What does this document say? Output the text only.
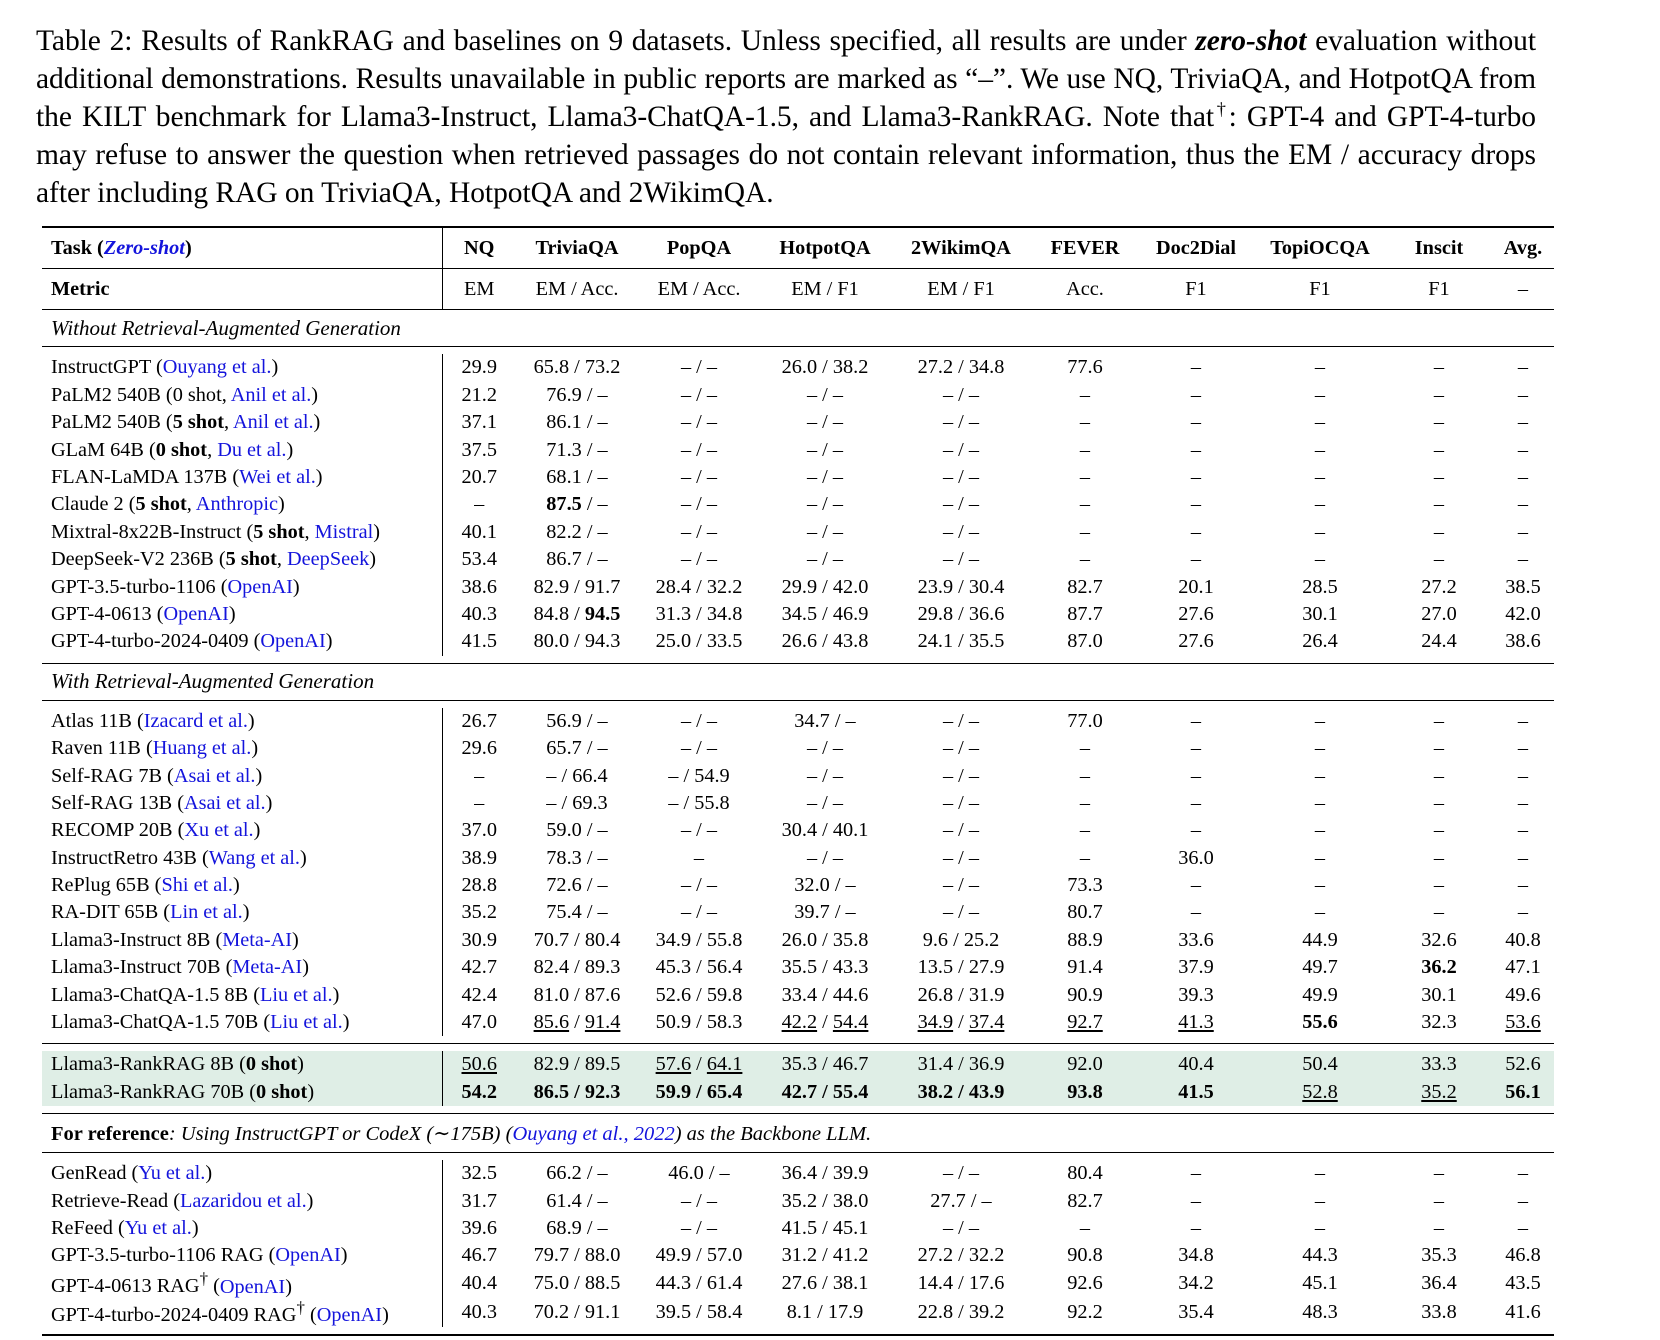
Table 2: Results of RankRAG and baselines on 9 datasets. Unless specified, all results are under zero-shot evaluation without additional demonstrations. Results unavailable in public reports are marked as “–”. We use NQ, TriviaQA, and HotpotQA from the KILT benchmark for Llama3-Instruct, Llama3-ChatQA-1.5, and Llama3-RankRAG. Note that†: GPT-4 and GPT-4-turbo may refuse to answer the question when retrieved passages do not contain relevant information, thus the EM / accuracy drops after including RAG on TriviaQA, HotpotQA and 2WikimQA.

Task (Zero-shot)	NQ	TriviaQA	PopQA	HotpotQA	2WikimQA	FEVER	Doc2Dial	TopiOCQA	Inscit	Avg.

Metric	EM	EM / Acc.	EM / Acc.	EM / F1	EM / F1	Acc.	F1	F1	F1	–

Without Retrieval-Augmented Generation										

InstructGPT (Ouyang et al.)	29.9	65.8 / 73.2	– / –	26.0 / 38.2	27.2 / 34.8	77.6	–	–	–	–
PaLM2 540B (0 shot, Anil et al.)	21.2	76.9 / –	– / –	– / –	– / –	–	–	–	–	–
PaLM2 540B (5 shot, Anil et al.)	37.1	86.1 / –	– / –	– / –	– / –	–	–	–	–	–
GLaM 64B (0 shot, Du et al.)	37.5	71.3 / –	– / –	– / –	– / –	–	–	–	–	–
FLAN-LaMDA 137B (Wei et al.)	20.7	68.1 / –	– / –	– / –	– / –	–	–	–	–	–
Claude 2 (5 shot, Anthropic)	–	87.5 / –	– / –	– / –	– / –	–	–	–	–	–
Mixtral-8x22B-Instruct (5 shot, Mistral)	40.1	82.2 / –	– / –	– / –	– / –	–	–	–	–	–
DeepSeek-V2 236B (5 shot, DeepSeek)	53.4	86.7 / –	– / –	– / –	– / –	–	–	–	–	–
GPT-3.5-turbo-1106 (OpenAI)	38.6	82.9 / 91.7	28.4 / 32.2	29.9 / 42.0	23.9 / 30.4	82.7	20.1	28.5	27.2	38.5
GPT-4-0613 (OpenAI)	40.3	84.8 / 94.5	31.3 / 34.8	34.5 / 46.9	29.8 / 36.6	87.7	27.6	30.1	27.0	42.0
GPT-4-turbo-2024-0409 (OpenAI)	41.5	80.0 / 94.3	25.0 / 33.5	26.6 / 43.8	24.1 / 35.5	87.0	27.6	26.4	24.4	38.6

With Retrieval-Augmented Generation										

Atlas 11B (Izacard et al.)	26.7	56.9 / –	– / –	34.7 / –	– / –	77.0	–	–	–	–
Raven 11B (Huang et al.)	29.6	65.7 / –	– / –	– / –	– / –	–	–	–	–	–
Self-RAG 7B (Asai et al.)	–	– / 66.4	– / 54.9	– / –	– / –	–	–	–	–	–
Self-RAG 13B (Asai et al.)	–	– / 69.3	– / 55.8	– / –	– / –	–	–	–	–	–
RECOMP 20B (Xu et al.)	37.0	59.0 / –	– / –	30.4 / 40.1	– / –	–	–	–	–	–
InstructRetro 43B (Wang et al.)	38.9	78.3 / –	–	– / –	– / –	–	36.0	–	–	–
RePlug 65B (Shi et al.)	28.8	72.6 / –	– / –	32.0 / –	– / –	73.3	–	–	–	–
RA-DIT 65B (Lin et al.)	35.2	75.4 / –	– / –	39.7 / –	– / –	80.7	–	–	–	–
Llama3-Instruct 8B (Meta-AI)	30.9	70.7 / 80.4	34.9 / 55.8	26.0 / 35.8	9.6 / 25.2	88.9	33.6	44.9	32.6	40.8
Llama3-Instruct 70B (Meta-AI)	42.7	82.4 / 89.3	45.3 / 56.4	35.5 / 43.3	13.5 / 27.9	91.4	37.9	49.7	36.2	47.1
Llama3-ChatQA-1.5 8B (Liu et al.)	42.4	81.0 / 87.6	52.6 / 59.8	33.4 / 44.6	26.8 / 31.9	90.9	39.3	49.9	30.1	49.6
Llama3-ChatQA-1.5 70B (Liu et al.)	47.0	85.6 / 91.4	50.9 / 58.3	42.2 / 54.4	34.9 / 37.4	92.7	41.3	55.6	32.3	53.6

Llama3-RankRAG 8B (0 shot)	50.6	82.9 / 89.5	57.6 / 64.1	35.3 / 46.7	31.4 / 36.9	92.0	40.4	50.4	33.3	52.6
Llama3-RankRAG 70B (0 shot)	54.2	86.5 / 92.3	59.9 / 65.4	42.7 / 55.4	38.2 / 43.9	93.8	41.5	52.8	35.2	56.1

For reference: Using InstructGPT or CodeX (∼175B) (Ouyang et al., 2022) as the Backbone LLM.										

GenRead (Yu et al.)	32.5	66.2 / –	46.0 / –	36.4 / 39.9	– / –	80.4	–	–	–	–
Retrieve-Read (Lazaridou et al.)	31.7	61.4 / –	– / –	35.2 / 38.0	27.7 / –	82.7	–	–	–	–
ReFeed (Yu et al.)	39.6	68.9 / –	– / –	41.5 / 45.1	– / –	–	–	–	–	–
GPT-3.5-turbo-1106 RAG (OpenAI)	46.7	79.7 / 88.0	49.9 / 57.0	31.2 / 41.2	27.2 / 32.2	90.8	34.8	44.3	35.3	46.8
GPT-4-0613 RAG† (OpenAI)	40.4	75.0 / 88.5	44.3 / 61.4	27.6 / 38.1	14.4 / 17.6	92.6	34.2	45.1	36.4	43.5
GPT-4-turbo-2024-0409 RAG† (OpenAI)	40.3	70.2 / 91.1	39.5 / 58.4	8.1 / 17.9	22.8 / 39.2	92.2	35.4	48.3	33.8	41.6
